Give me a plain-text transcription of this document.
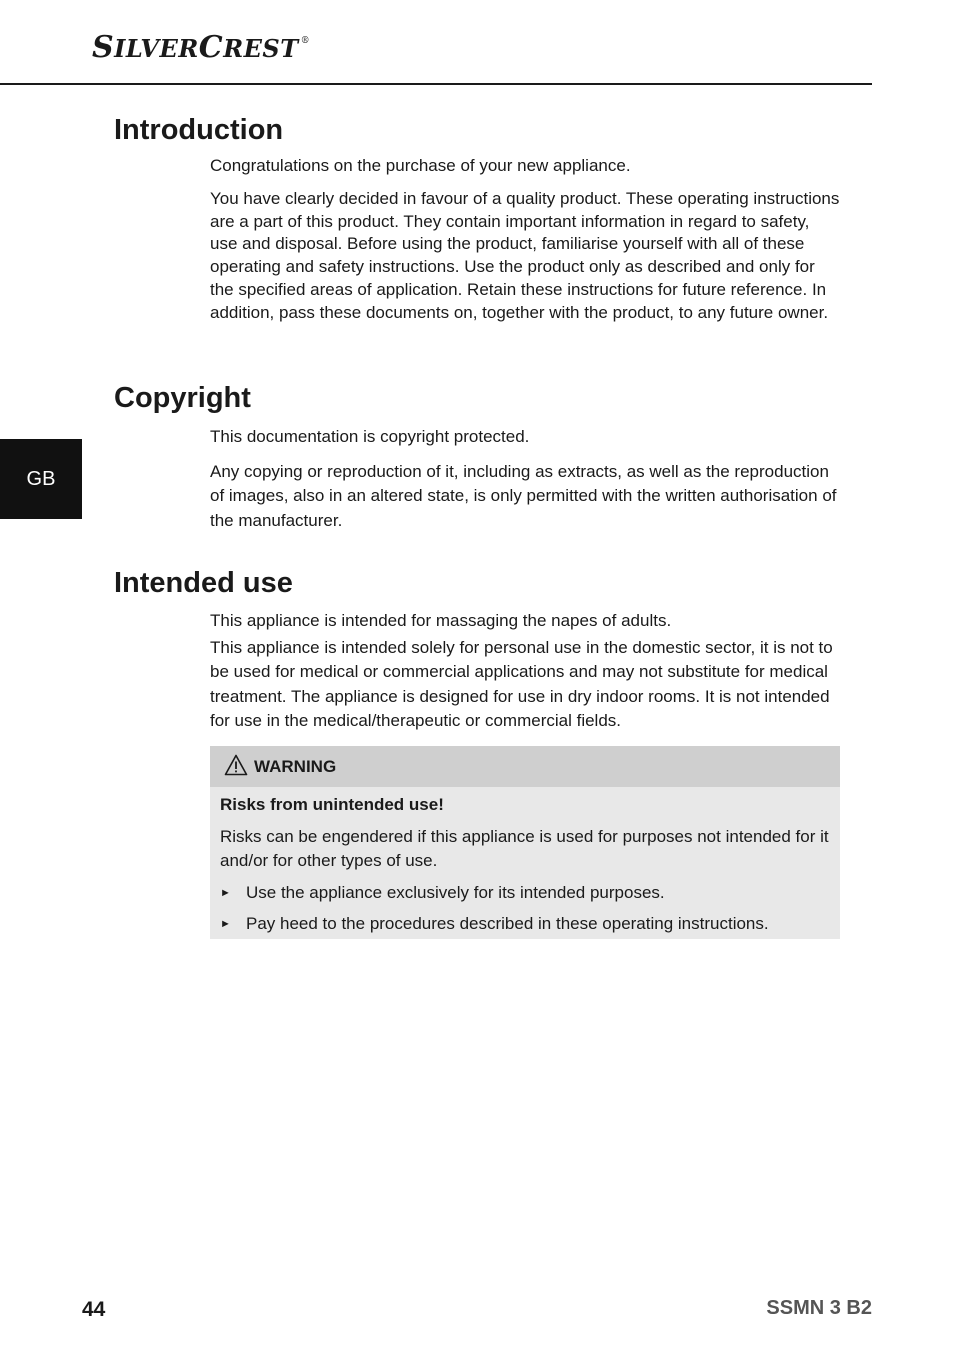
SILVERCREST ®
GB
Introduction

Congratulations on the purchase of your new appliance.

You have clearly decided in favour of a quality product. These operating instructions are a part of this product. They contain important information in regard to safety, use and disposal. Before using the product, familiarise yourself with all of these operating and safety instructions. Use the product only as described and only for the specified areas of application. Retain these instructions for future reference. In addition, pass these documents on, together with the product, to any future owner.

Copyright

This documentation is copyright protected.

Any copying or reproduction of it, including as extracts, as well as the reproduction of images, also in an altered state, is only permitted with the written authorisation of the manufacturer.

Intended use

This appliance is intended for massaging the napes of adults.

This appliance is intended solely for personal use in the domestic sector, it is not to be used for medical or commercial applications and may not substitute for medical treatment. The appliance is designed for use in dry indoor rooms. It is not intended for use in the medical/therapeutic or commercial fields.

WARNING

Risks from unintended use!

Risks can be engendered if this appliance is used for purposes not intended for it and/or for other types of use.

► Use the appliance exclusively for its intended purposes.
► Pay heed to the procedures described in these operating instructions.
44	SSMN 3 B2
